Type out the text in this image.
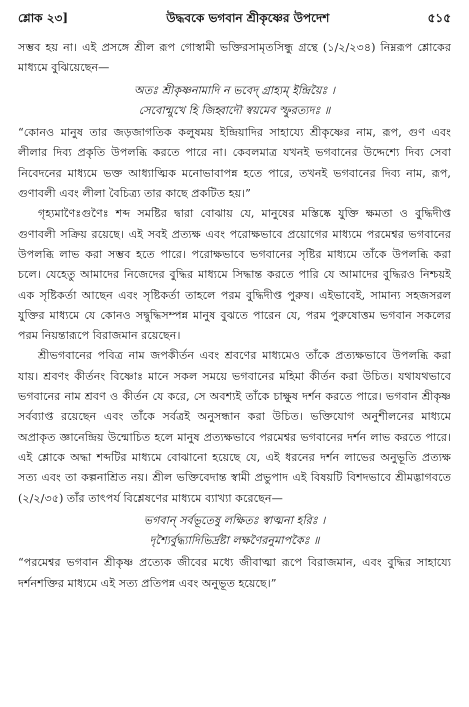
শ্লোক ২৩]	উদ্ধবকে ভগবান শ্রীকৃষ্ণের উপদেশ	৫১৫

সম্ভব হয় না। এই প্রসঙ্গে শ্রীল রূপ গোস্বামী ভক্তিরসামৃতসিন্ধু গ্রন্থে (১/২/২৩৪) নিম্নরূপ শ্লোকের মাধ্যমে বুঝিয়েছেন—

অতঃ শ্রীকৃষ্ণনামাদি ন ভবেদ্ গ্রাহ্যম্ ইন্দ্রিয়ৈঃ ।
সেবোন্মুখে হি জিহ্বাদৌ স্বয়মেব স্ফুরত্যদঃ ॥

“কোনও মানুষ তার জড়জাগতিক কলুষময় ইন্দ্রিয়াদির সাহায্যে শ্রীকৃষ্ণের নাম, রূপ, গুণ এবং লীলার দিব্য প্রকৃতি উপলব্ধি করতে পারে না। কেবলমাত্র যখনই ভগবানের উদ্দেশ্যে দিব্য সেবা নিবেদনের মাধ্যমে ভক্ত আধ্যাত্মিক মনোভাবাপন্ন হতে পারে, তখনই ভগবানের দিব্য নাম, রূপ, গুণাবলী এবং লীলা বৈচিত্র্য তার কাছে প্রকটিত হয়।”

গৃহ্যমাণৈঃগুণৈঃ শব্দ সমষ্টির দ্বারা বোঝায় যে, মানুষের মস্তিষ্কে যুক্তি ক্ষমতা ও বুদ্ধিদীপ্ত গুণাবলী সক্রিয় রয়েছে। এই সবই প্রত্যক্ষ এবং পরোক্ষভাবে প্রয়োগের মাধ্যমে পরমেশ্বর ভগবানের উপলব্ধি লাভ করা সম্ভব হতে পারে। পরোক্ষভাবে ভগবানের সৃষ্টির মাধ্যমে তাঁকে উপলব্ধি করা চলে। যেহেতু আমাদের নিজেদের বুদ্ধির মাধ্যমে সিদ্ধান্ত করতে পারি যে আমাদের বুদ্ধিরও নিশ্চয়ই এক সৃষ্টিকর্তা আছেন এবং সৃষ্টিকর্তা তাহলে পরম বুদ্ধিদীপ্ত পুরুষ। এইভাবেই, সামান্য সহজসরল যুক্তির মাধ্যমে যে কোনও সদ্বুদ্ধিসম্পন্ন মানুষ বুঝতে পারেন যে, পরম পুরুষোত্তম ভগবান সকলের পরম নিয়ন্তারূপে বিরাজমান রয়েছেন।

শ্রীভগবানের পবিত্র নাম জপকীর্তন এবং শ্রবণের মাধ্যমেও তাঁকে প্রত্যক্ষভাবে উপলব্ধি করা যায়। শ্রবণং কীর্তনং বিষ্ণোঃ মানে সকল সময়ে ভগবানের মহিমা কীর্তন করা উচিত। যথাযথভাবে ভগবানের নাম শ্রবণ ও কীর্তন যে করে, সে অবশ্যই তাঁকে চাক্ষুষ দর্শন করতে পারে। ভগবান শ্রীকৃষ্ণ সর্বব্যাপ্ত রয়েছেন এবং তাঁকে সর্বত্রই অনুসন্ধান করা উচিত। ভক্তিযোগ অনুশীলনের মাধ্যমে অপ্রাকৃত জ্ঞানেন্দ্রিয় উন্মোচিত হলে মানুষ প্রত্যক্ষভাবে পরমেশ্বর ভগবানের দর্শন লাভ করতে পারে। এই শ্লোকে অদ্ধা শব্দটির মাধ্যমে বোঝানো হয়েছে যে, এই ধরনের দর্শন লাভের অনুভূতি প্রত্যক্ষ সত্য এবং তা কল্পনাশ্রিত নয়। শ্রীল ভক্তিবেদান্ত স্বামী প্রভুপাদ এই বিষয়টি বিশদভাবে শ্রীমদ্ভাগবতে (২/২/৩৫) তাঁর তাৎপর্য বিশ্লেষণের মাধ্যমে ব্যাখ্যা করেছেন—

ভগবান্ সর্বভূতেষু লক্ষিতঃ স্বাত্মনা হরিঃ ।
দৃশ্যৈর্বুদ্ধ্যাদিভির্দ্রষ্টা লক্ষণৈরনুমাপকৈঃ ॥

“পরমেশ্বর ভগবান শ্রীকৃষ্ণ প্রত্যেক জীবের মধ্যে জীবাত্মা রূপে বিরাজমান, এবং বুদ্ধির সাহায্যে দর্শনশক্তির মাধ্যমে এই সত্য প্রতিপন্ন এবং অনুভূত হয়েছে।”
